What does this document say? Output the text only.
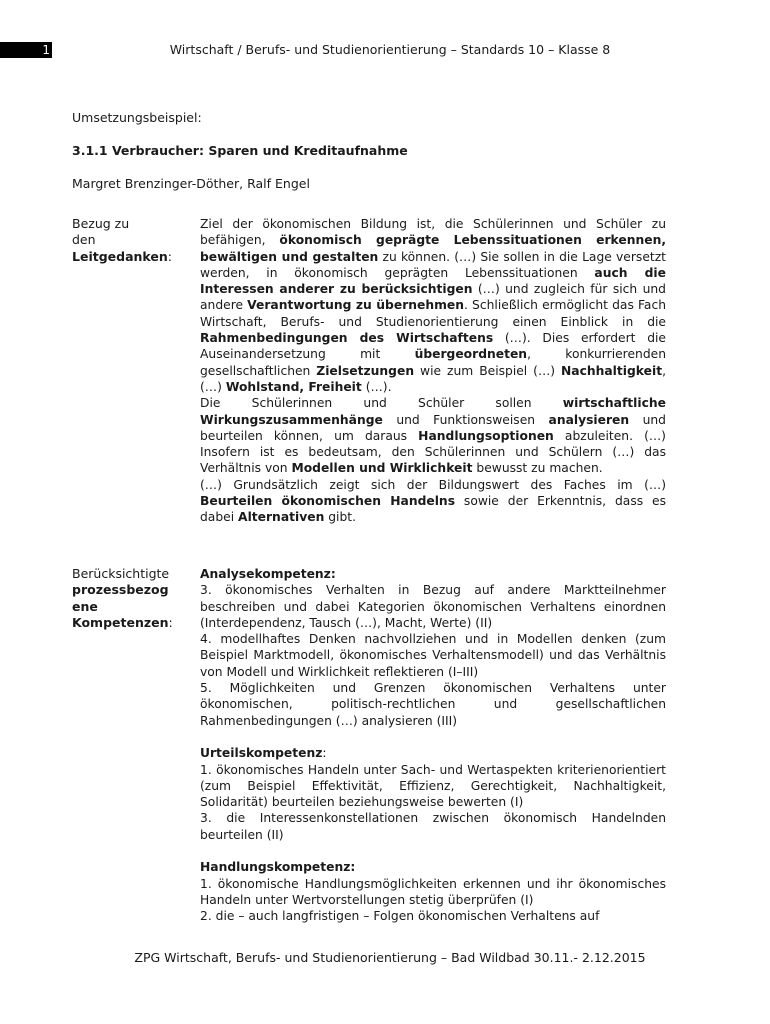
1	Wirtschaft / Berufs- und Studienorientierung – Standards 10 – Klasse 8
Umsetzungsbeispiel:
3.1.1 Verbraucher: Sparen und Kreditaufnahme
Margret Brenzinger-Döther, Ralf Engel
Bezug zu
den
Leitgedanken:

Ziel der ökonomischen Bildung ist, die Schülerinnen und Schüler zu befähigen, ökonomisch geprägte Lebenssituationen erkennen, bewältigen und gestalten zu können. (…) Sie sollen in die Lage versetzt werden, in ökonomisch geprägten Lebenssituationen auch die Interessen anderer zu berücksichtigen (…) und zugleich für sich und andere Verantwortung zu übernehmen. Schließlich ermöglicht das Fach Wirtschaft, Berufs- und Studienorientierung einen Einblick in die Rahmenbedingungen des Wirtschaftens (…). Dies erfordert die Auseinandersetzung mit übergeordneten, konkurrierenden gesellschaftlichen Zielsetzungen wie zum Beispiel (…) Nachhaltigkeit, (…) Wohlstand, Freiheit (…).

Die Schülerinnen und Schüler sollen wirtschaftliche Wirkungszusammenhänge und Funktionsweisen analysieren und beurteilen können, um daraus Handlungsoptionen abzuleiten. (…) Insofern ist es bedeutsam, den Schülerinnen und Schülern (…) das Verhältnis von Modellen und Wirklichkeit bewusst zu machen.

(…) Grundsätzlich zeigt sich der Bildungswert des Faches im (…) Beurteilen ökonomischen Handelns sowie der Erkenntnis, dass es dabei Alternativen gibt.

Berücksichtigte
prozessbezog
ene
Kompetenzen:

Analysekompetenz:

3. ökonomisches Verhalten in Bezug auf andere Marktteilnehmer beschreiben und dabei Kategorien ökonomischen Verhaltens einordnen (Interdependenz, Tausch (…), Macht, Werte) (II)

4. modellhaftes Denken nachvollziehen und in Modellen denken (zum Beispiel Marktmodell, ökonomisches Verhaltensmodell) und das Verhältnis von Modell und Wirklichkeit reflektieren (I–III)

5. Möglichkeiten und Grenzen ökonomischen Verhaltens unter ökonomischen, politisch-rechtlichen und gesellschaftlichen Rahmenbedingungen (…) analysieren (III)

Urteilskompetenz:

1. ökonomisches Handeln unter Sach- und Wertaspekten kriterienorientiert (zum Beispiel Effektivität, Effizienz, Gerechtigkeit, Nachhaltigkeit, Solidarität) beurteilen beziehungsweise bewerten (I)

3. die Interessenkonstellationen zwischen ökonomisch Handelnden beurteilen (II)

Handlungskompetenz:

1. ökonomische Handlungsmöglichkeiten erkennen und ihr ökonomisches Handeln unter Wertvorstellungen stetig überprüfen (I)

2. die – auch langfristigen – Folgen ökonomischen Verhaltens auf

ZPG Wirtschaft, Berufs- und Studienorientierung – Bad Wildbad 30.11.- 2.12.2015
